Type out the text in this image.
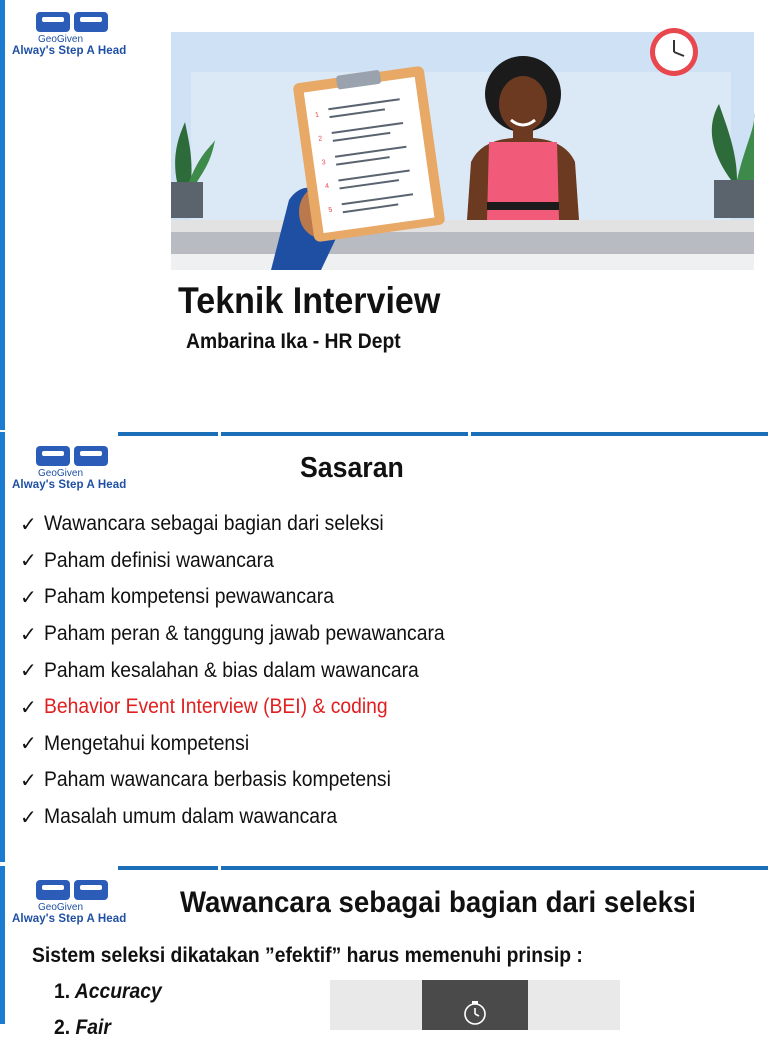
GeoGiven
Alway's Step A Head
1
2
3
4
5
Teknik Interview
Ambarina Ika - HR Dept
GeoGiven
Alway's Step A Head
Sasaran
✓ Wawancara sebagai bagian dari seleksi
✓ Paham definisi wawancara
✓ Paham kompetensi pewawancara
✓ Paham peran & tanggung jawab pewawancara
✓ Paham kesalahan & bias dalam wawancara
✓ Behavior Event Interview (BEI) & coding
✓ Mengetahui kompetensi
✓ Paham wawancara berbasis kompetensi
✓ Masalah umum dalam wawancara
GeoGiven
Alway's Step A Head	Wawancara sebagai bagian dari seleksi
Sistem seleksi dikatakan ”efektif” harus memenuhi prinsip :
1. Accuracy
2. Fair
